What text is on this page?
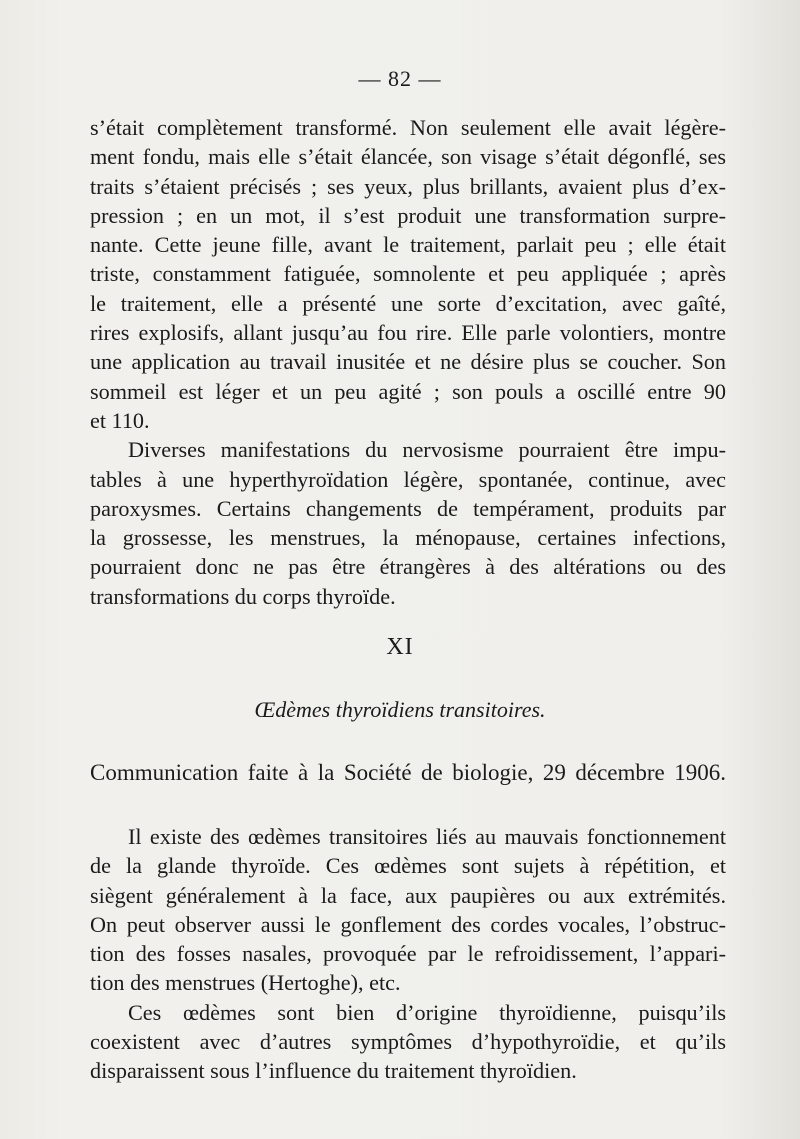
— 82 —
s’était complètement transformé. Non seulement elle avait légère-
ment fondu, mais elle s’était élancée, son visage s’était dégonflé, ses
traits s’étaient précisés ; ses yeux, plus brillants, avaient plus d’ex-
pression ; en un mot, il s’est produit une transformation surpre-
nante. Cette jeune fille, avant le traitement, parlait peu ; elle était
triste, constamment fatiguée, somnolente et peu appliquée ; après
le traitement, elle a présenté une sorte d’excitation, avec gaîté,
rires explosifs, allant jusqu’au fou rire. Elle parle volontiers, montre
une application au travail inusitée et ne désire plus se coucher. Son
sommeil est léger et un peu agité ; son pouls a oscillé entre 90
et 110.
Diverses manifestations du nervosisme pourraient être impu-
tables à une hyperthyroïdation légère, spontanée, continue, avec
paroxysmes. Certains changements de tempérament, produits par
la grossesse, les menstrues, la ménopause, certaines infections,
pourraient donc ne pas être étrangères à des altérations ou des
transformations du corps thyroïde.
XI
Œdèmes thyroïdiens transitoires.
Communication faite à la Société de biologie, 29 décembre 1906.
Il existe des œdèmes transitoires liés au mauvais fonctionnement
de la glande thyroïde. Ces œdèmes sont sujets à répétition, et
siègent généralement à la face, aux paupières ou aux extrémités.
On peut observer aussi le gonflement des cordes vocales, l’obstruc-
tion des fosses nasales, provoquée par le refroidissement, l’appari-
tion des menstrues (Hertoghe), etc.
Ces œdèmes sont bien d’origine thyroïdienne, puisqu’ils
coexistent avec d’autres symptômes d’hypothyroïdie, et qu’ils
disparaissent sous l’influence du traitement thyroïdien.
